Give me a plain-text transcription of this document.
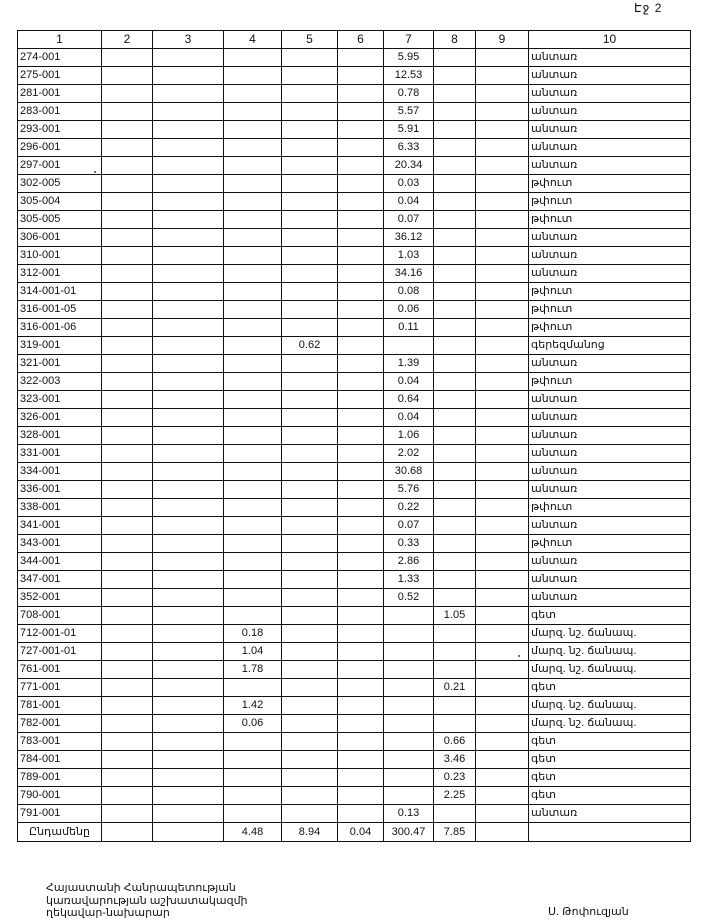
Էջ 2
1	2	3	4	5	6	7	8	9	10
274-001						5.95			անտառ
275-001						12.53			անտառ
281-001						0.78			անտառ
283-001						5.57			անտառ
293-001						5.91			անտառ
296-001						6.33			անտառ
297-001						20.34			անտառ
302-005						0.03			թփուտ
305-004						0.04			թփուտ
305-005						0.07			թփուտ
306-001						36.12			անտառ
310-001						1.03			անտառ
312-001						34.16			անտառ
314-001-01						0.08			թփուտ
316-001-05						0.06			թփուտ
316-001-06						0.11			թփուտ
319-001				0.62					գերեզմանոց
321-001						1.39			անտառ
322-003						0.04			թփուտ
323-001						0.64			անտառ
326-001						0.04			անտառ
328-001						1.06			անտառ
331-001						2.02			անտառ
334-001						30.68			անտառ
336-001						5.76			անտառ
338-001						0.22			թփուտ
341-001						0.07			անտառ
343-001						0.33			թփուտ
344-001						2.86			անտառ
347-001						1.33			անտառ
352-001						0.52			անտառ
708-001							1.05		գետ
712-001-01			0.18						մարզ. նշ. ճանապ.
727-001-01			1.04						մարզ. նշ. ճանապ.
761-001			1.78						մարզ. նշ. ճանապ.
771-001							0.21		գետ
781-001			1.42						մարզ. նշ. ճանապ.
782-001			0.06						մարզ. նշ. ճանապ.
783-001							0.66		գետ
784-001							3.46		գետ
789-001							0.23		գետ
790-001							2.25		գետ
791-001						0.13			անտառ
Ընդամենը			4.48	8.94	0.04	300.47	7.85		
Հայաստանի Հանրապետության
կառավարության աշխատակազմի
ղեկավար-նախարար	Ս. Թոփուզյան
